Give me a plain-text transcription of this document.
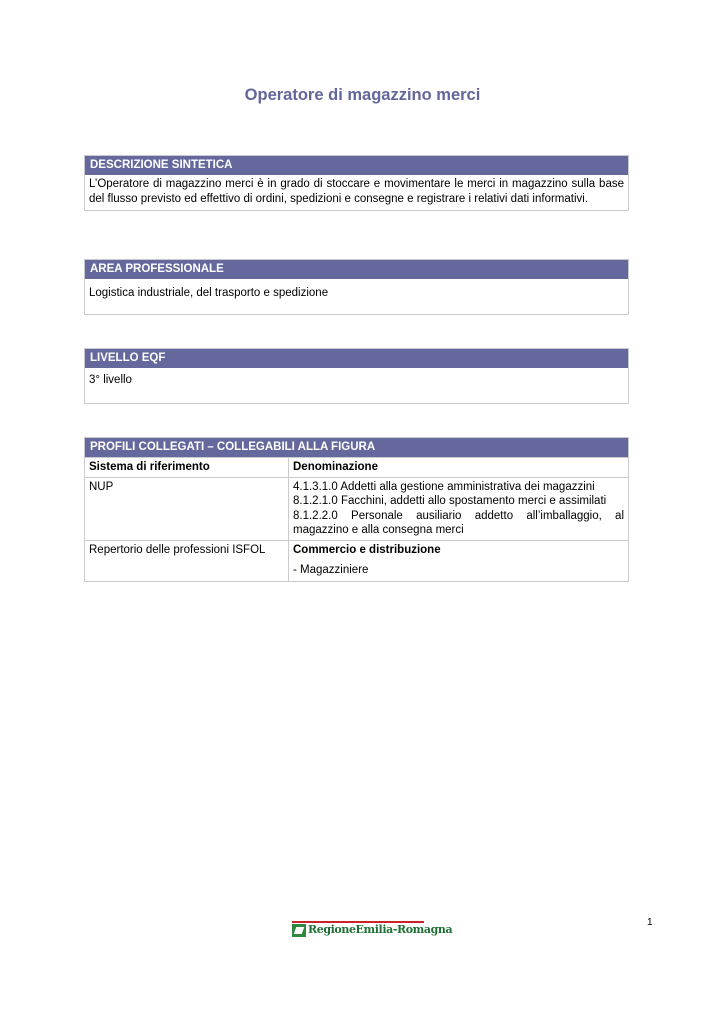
Operatore di magazzino merci
DESCRIZIONE SINTETICA
L’Operatore di magazzino merci è in grado di stoccare e movimentare le merci in magazzino sulla base del flusso previsto ed effettivo di ordini, spedizioni e consegne e registrare i relativi dati informativi.
AREA PROFESSIONALE
Logistica industriale, del trasporto e spedizione
LIVELLO EQF
3° livello
PROFILI COLLEGATI – COLLEGABILI ALLA FIGURA
Sistema di riferimento	Denominazione
NUP	4.1.3.1.0 Addetti alla gestione amministrativa dei magazzini
8.1.2.1.0 Facchini, addetti allo spostamento merci e assimilati
8.1.2.2.0 Personale ausiliario addetto all’imballaggio, al magazzino e alla consegna merci

Repertorio delle professioni ISFOL	Commercio e distribuzione
- Magazziniere
1
RegioneEmilia-Romagna
